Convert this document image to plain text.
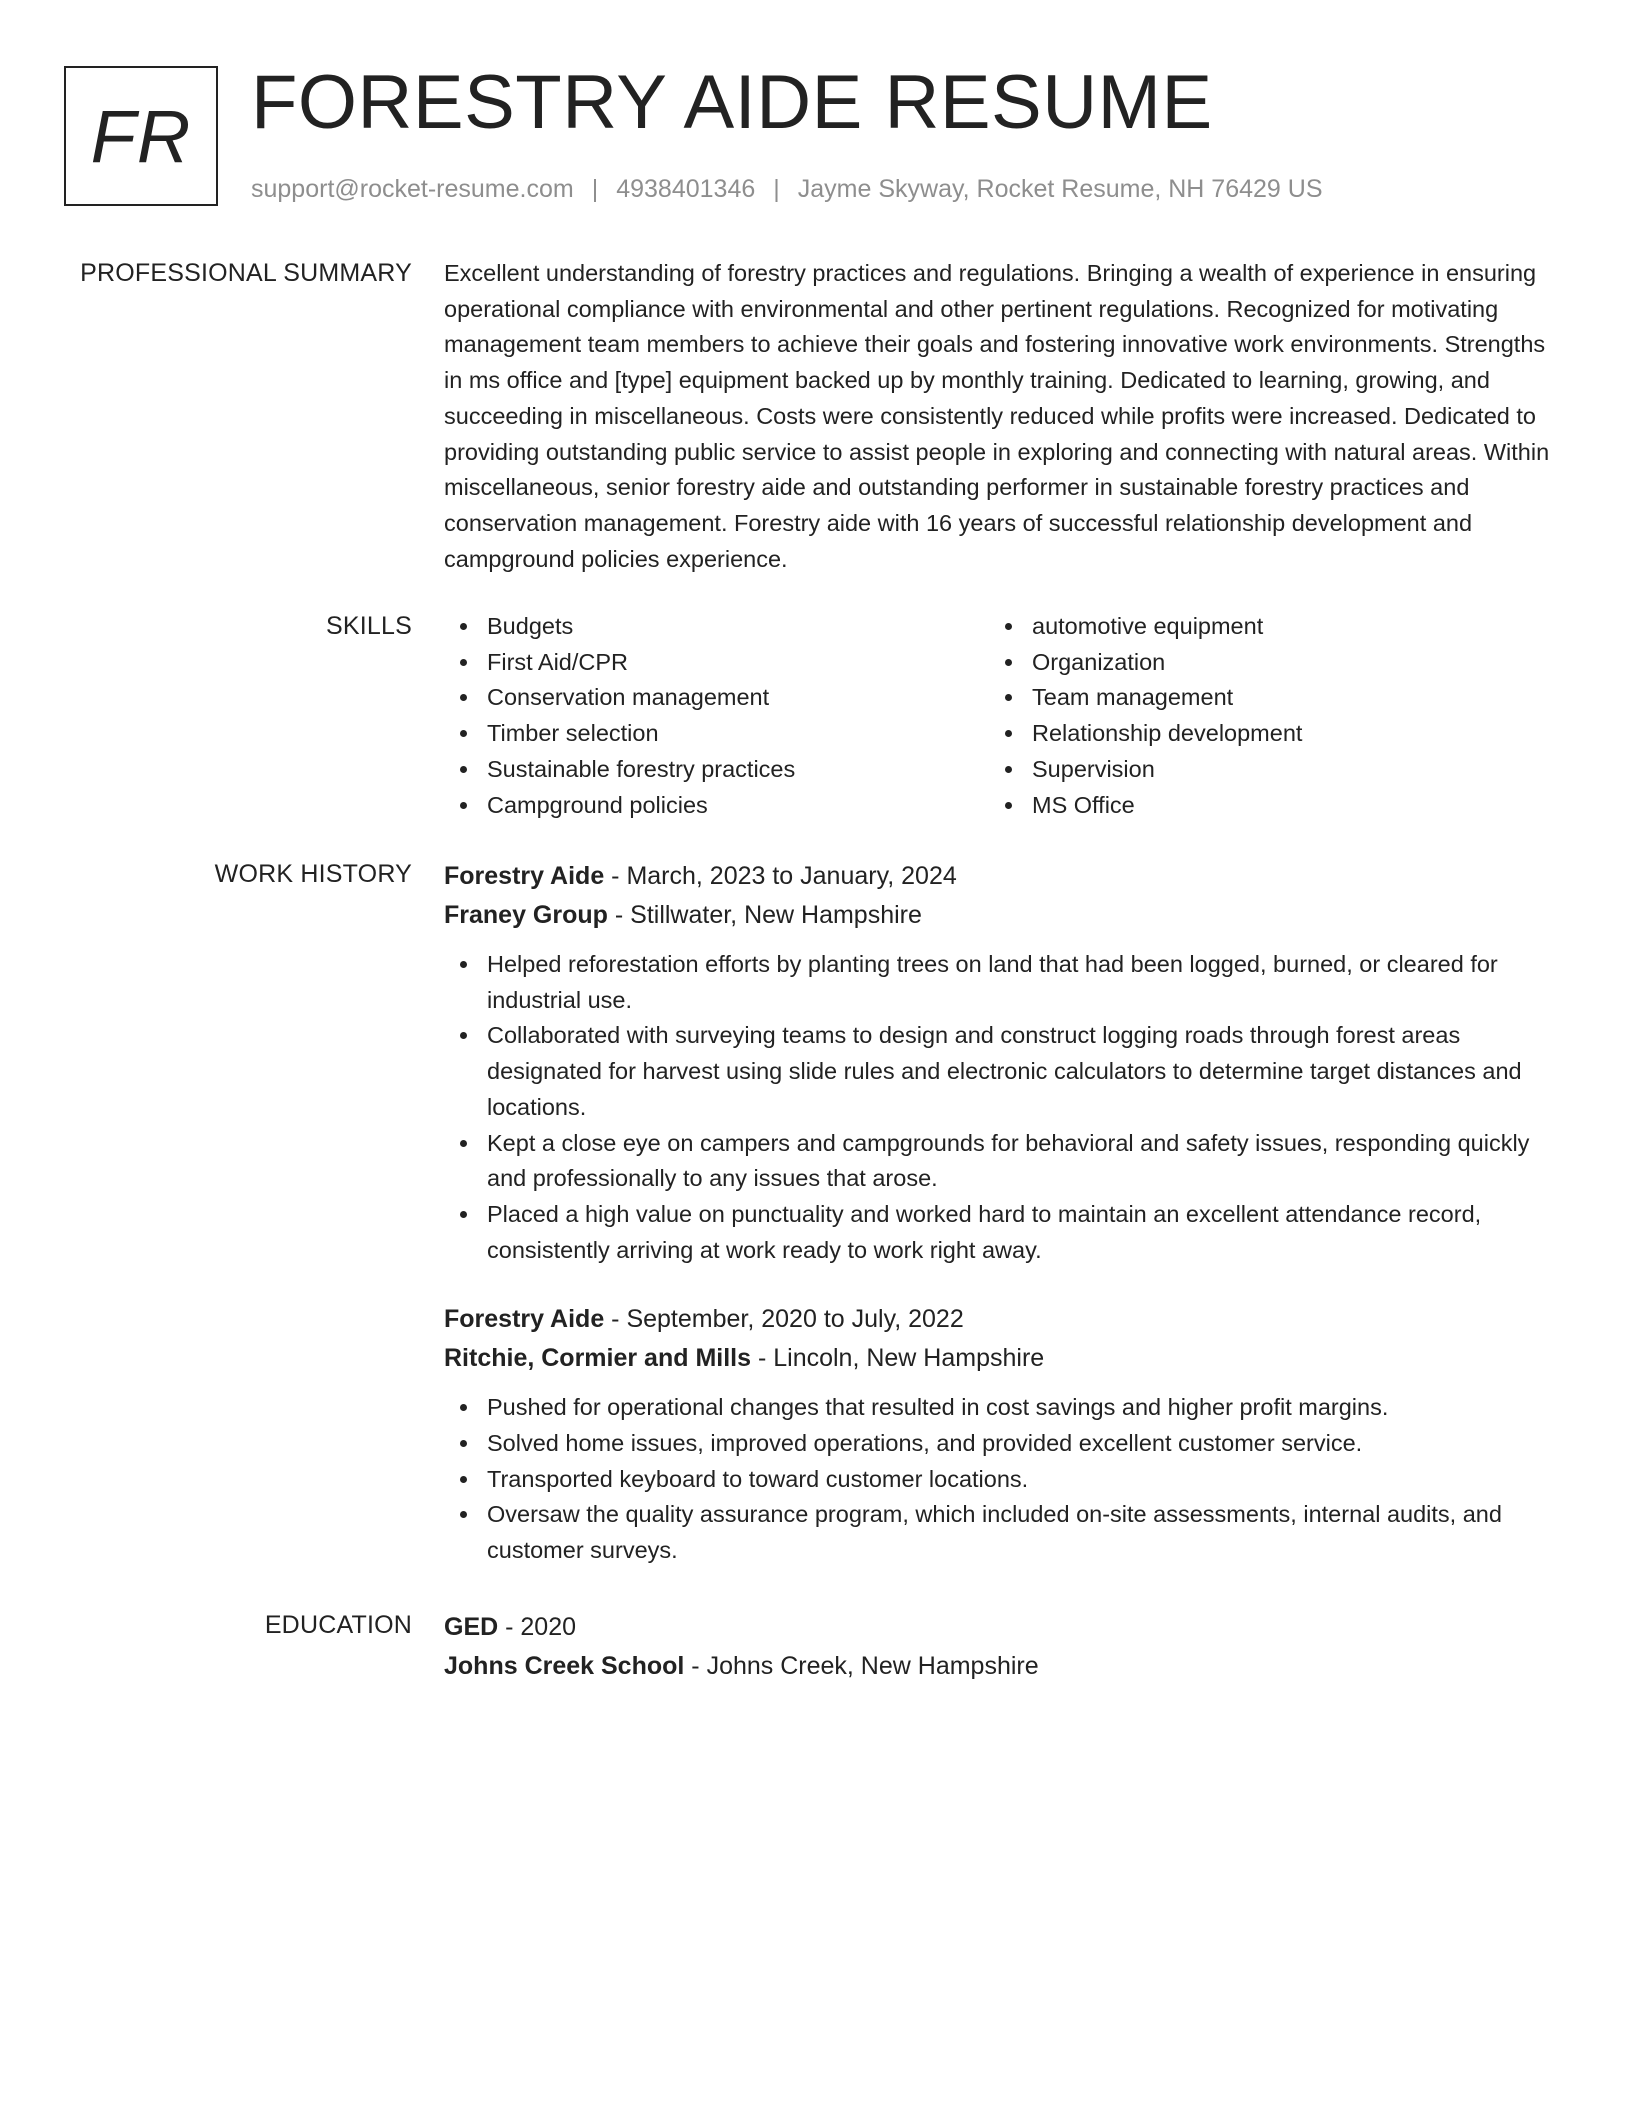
FR FORESTRY AIDE RESUME
support@rocket-resume.com | 4938401346 | Jayme Skyway, Rocket Resume, NH 76429 US
PROFESSIONAL SUMMARY Excellent understanding of forestry practices and regulations. Bringing a wealth of experience in ensuring operational compliance with environmental and other pertinent regulations. Recognized for motivating management team members to achieve their goals and fostering innovative work environments. Strengths in ms office and [type] equipment backed up by monthly training. Dedicated to learning, growing, and succeeding in miscellaneous. Costs were consistently reduced while profits were increased. Dedicated to providing outstanding public service to assist people in exploring and connecting with natural areas. Within miscellaneous, senior forestry aide and outstanding performer in sustainable forestry practices and conservation management. Forestry aide with 16 years of successful relationship development and campground policies experience.

SKILLS	Budgets
First Aid/CPR
Conservation management
Timber selection
Sustainable forestry practices
Campground policies
automotive equipment
Organization
Team management
Relationship development
Supervision
MS Office
WORK HISTORY Forestry Aide - March, 2023 to January, 2024
Franey Group - Stillwater, New Hampshire
Helped reforestation efforts by planting trees on land that had been logged, burned, or cleared for industrial use.
Collaborated with surveying teams to design and construct logging roads through forest areas designated for harvest using slide rules and electronic calculators to determine target distances and locations.
Kept a close eye on campers and campgrounds for behavioral and safety issues, responding quickly and professionally to any issues that arose.
Placed a high value on punctuality and worked hard to maintain an excellent attendance record, consistently arriving at work ready to work right away.
Forestry Aide - September, 2020 to July, 2022
Ritchie, Cormier and Mills - Lincoln, New Hampshire
Pushed for operational changes that resulted in cost savings and higher profit margins.
Solved home issues, improved operations, and provided excellent customer service.
Transported keyboard to toward customer locations.
Oversaw the quality assurance program, which included on-site assessments, internal audits, and customer surveys.
EDUCATION GED - 2020
Johns Creek School - Johns Creek, New Hampshire
